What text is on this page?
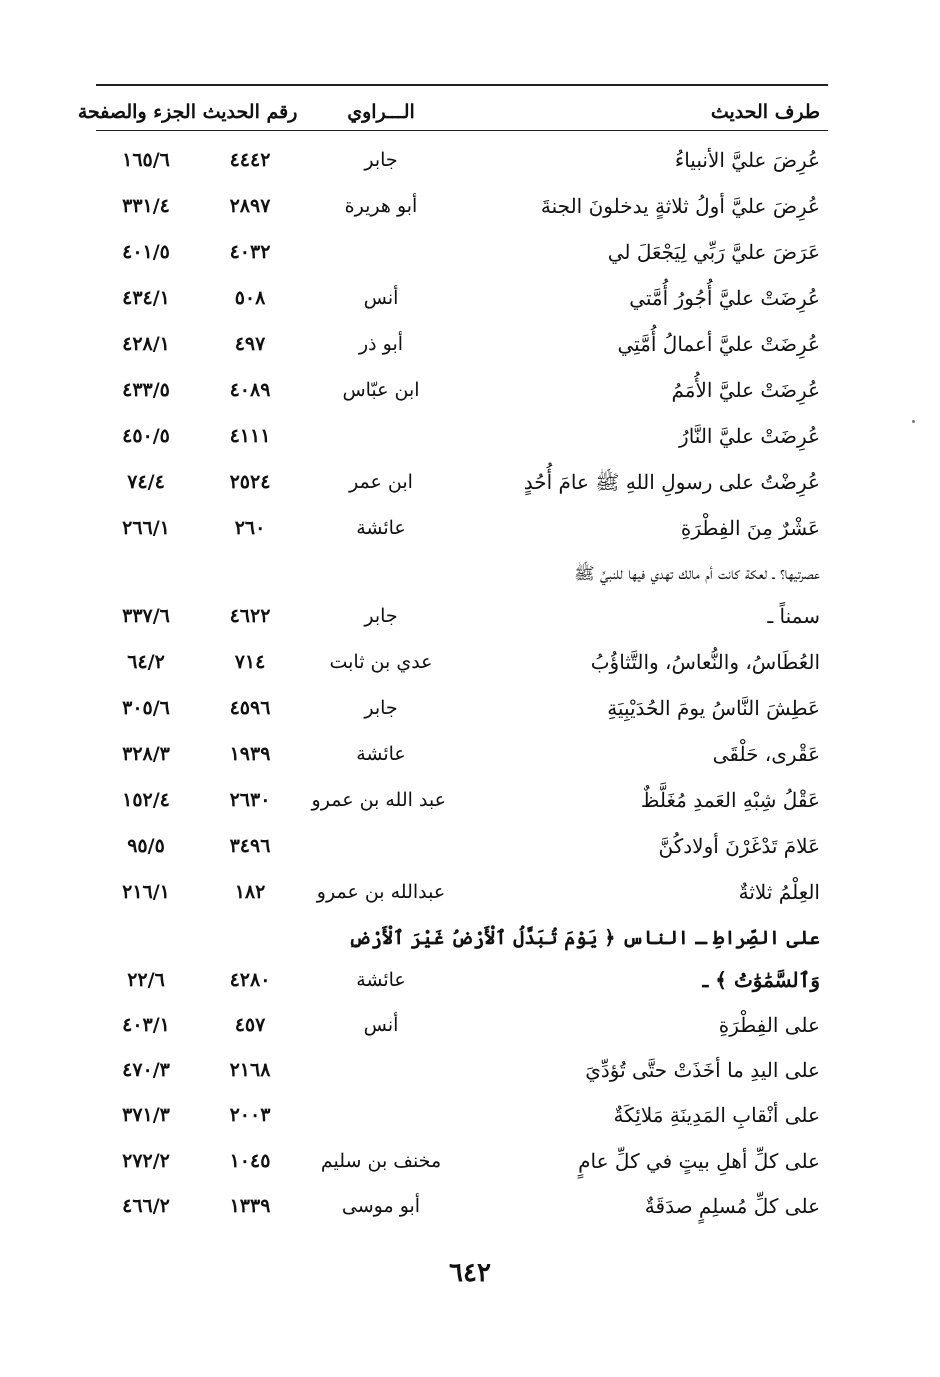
طرف الحديث
الـــراوي
رقم الحديث
الجزء والصفحة
عُرِضَ عليَّ الأنبياءُ
جابر
٤٤٤٢
١٦٥/٦
عُرِضَ عليَّ أولُ ثلاثةٍ يدخلونَ الجنةَ
أبو هريرة
٢٨٩٧
٣٣١/٤
عَرَضَ عليَّ رَبِّي لِيَجْعَلَ لي
٤٠٣٢
٤٠١/٥
عُرِضَتْ عليَّ أُجُورُ أُمَّتي
أنس
٥٠٨
٤٣٤/١
عُرِضَتْ عليَّ أعمالُ أُمَّتِي
أبو ذر
٤٩٧
٤٢٨/١
عُرِضَتْ عليَّ الأُمَمُ
ابن عبّاس
٤٠٨٩
٤٣٣/٥
عُرِضَتْ عليَّ النَّارُ
٤١١١
٤٥٠/٥
عُرِضْتُ على رسولِ اللهِ ﷺ عامَ أُحُدٍ
ابن عمر
٢٥٢٤
٧٤/٤
عَشْرٌ مِنَ الفِطْرَةِ
عائشة
٢٦٠
٢٦٦/١
عصرتيها؟ ـ لعكة كانت أم مالك تهدي فيها للنبيِّ ﷺ
سمناً ـ
جابر
٤٦٢٢
٣٣٧/٦
العُطَاسُ، والنُّعاسُ، والتَّثاؤُبُ
عدي بن ثابت
٧١٤
٦٤/٢
عَطِشَ النَّاسُ يومَ الحُدَيْبِيَةِ
جابر
٤٥٩٦
٣٠٥/٦
عَقْرى، حَلْقَى
عائشة
١٩٣٩
٣٢٨/٣
عَقْلُ شِبْهِ العَمدِ مُغَلَّظٌ
عبد الله بن عمرو
٢٦٣٠
١٥٢/٤
عَلامَ تَدْغَرْنَ أولادكُنَّ
٣٤٩٦
٩٥/٥
العِلْمُ ثلاثةٌ
عبدالله بن عمرو
١٨٢
٢١٦/١
على الصِّراطِ ـ الناس ﴿ يَوْمَ تُبَدَّلُ ٱلْأَرْضُ غَيْرَ ٱلْأَرْضِ
وَٱلسَّمَٰوَٰتُ ﴾ ـ
عائشة
٤٢٨٠
٢٢/٦
على الفِطْرَةِ
أنس
٤٥٧
٤٠٣/١
على اليدِ ما أخَذَتْ حتَّى تُؤدِّيَ
٢١٦٨
٤٧٠/٣
على أنْقابِ المَدِينَةِ مَلائِكَةٌ
٢٠٠٣
٣٧١/٣
على كلِّ أهلِ بيتٍ في كلِّ عامٍ
مخنف بن سليم
١٠٤٥
٢٧٢/٢
على كلِّ مُسلِمٍ صدَقَةٌ
أبو موسى
١٣٣٩
٤٦٦/٢
٦٤٢
